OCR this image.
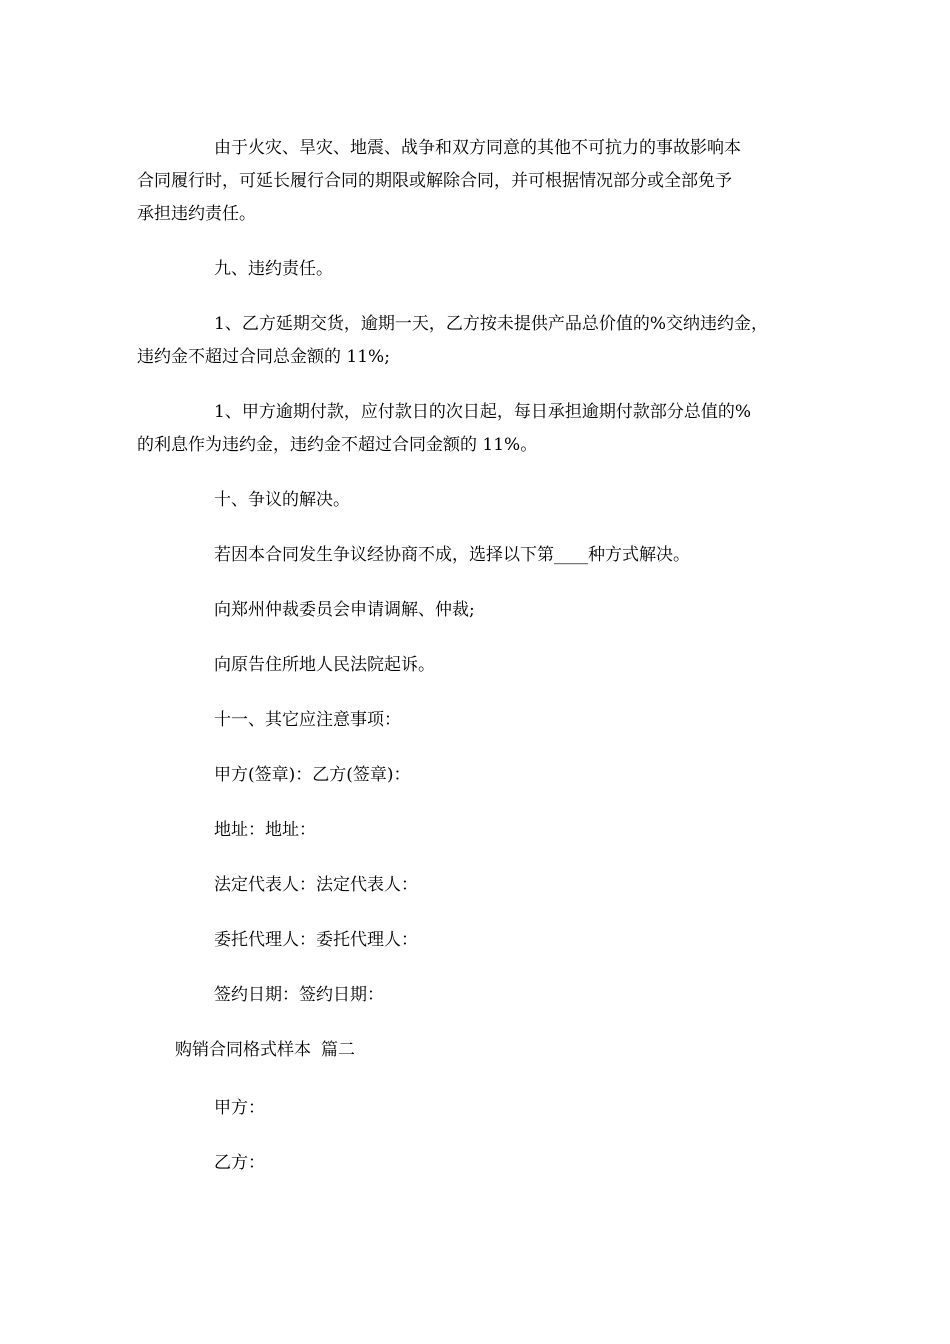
由于火灾、旱灾、地震、战争和双方同意的其他不可抗力的事故影响本
合同履行时，可延长履行合同的期限或解除合同，并可根据情况部分或全部免予
承担违约责任。
九、违约责任。
1、乙方延期交货，逾期一天，乙方按未提供产品总价值的%交纳违约金，
违约金不超过合同总金额的 11%;
1、甲方逾期付款，应付款日的次日起，每日承担逾期付款部分总值的%
的利息作为违约金，违约金不超过合同金额的 11%。
十、争议的解决。
若因本合同发生争议经协商不成，选择以下第____种方式解决。
向郑州仲裁委员会申请调解、仲裁;
向原告住所地人民法院起诉。
十一、其它应注意事项：
甲方(签章)：乙方(签章)：
地址：地址：
法定代表人：法定代表人：
委托代理人：委托代理人：
签约日期：签约日期：
购销合同格式样本 篇二
甲方：
乙方：
